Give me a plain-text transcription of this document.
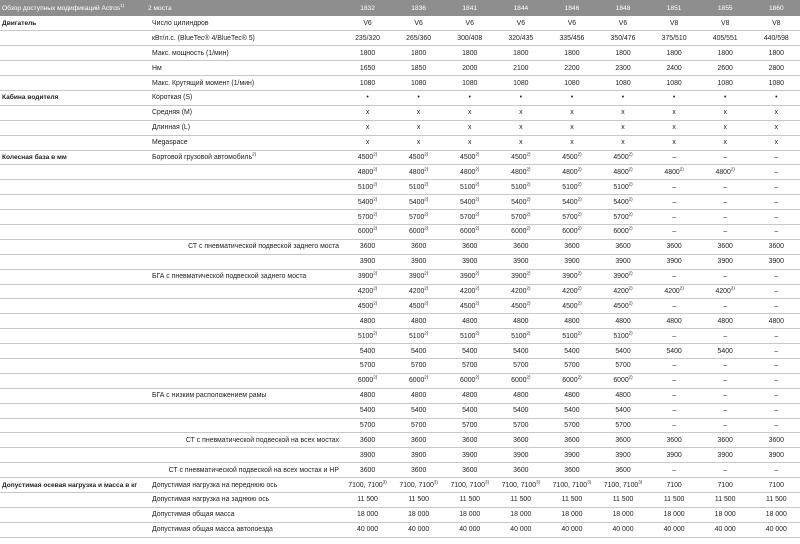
Обзор доступных модификаций Actros$^{1)}$	2 моста	1832	1836	1841	1844	1846	1848	1851	1855	1860
Двигатель	Число цилиндров	V6	V6	V6	V6	V6	V6	V8	V8	V8
	кВт/л.с. (BlueTec® 4/BlueTec® 5)	235/320	265/360	300/408	320/435	335/456	350/476	375/510	405/551	440/598
	Макс. мощность (1/мин)	1800	1800	1800	1800	1800	1800	1800	1800	1800
	Нм	1650	1850	2000	2100	2200	2300	2400	2600	2800
	Макс. Крутящий момент (1/мин)	1080	1080	1080	1080	1080	1080	1080	1080	1080
Кабина водителя	Короткая (S)	•	•	•	•	•	•	•	•	•
	Средняя (M)	x	x	x	x	x	x	x	x	x
	Длинная (L)	x	x	x	x	x	x	x	x	x
	Megaspace	x	x	x	x	x	x	x	x	x
Колесная база в мм	Бортовой грузовой автомобиль$^{2)}$	4500$^{2)}$	4500$^{2)}$	4500$^{2)}$	4500$^{2)}$	4500$^{2)}$	4500$^{2)}$	–	–	–
		4800$^{2)}$	4800$^{2)}$	4800$^{2)}$	4800$^{2)}$	4800$^{2)}$	4800$^{2)}$	4800$^{2)}$	4800$^{2)}$	–
		5100$^{2)}$	5100$^{2)}$	5100$^{2)}$	5100$^{2)}$	5100$^{2)}$	5100$^{2)}$	–	–	–
		5400$^{2)}$	5400$^{2)}$	5400$^{2)}$	5400$^{2)}$	5400$^{2)}$	5400$^{2)}$	–	–	–
		5700$^{2)}$	5700$^{2)}$	5700$^{2)}$	5700$^{2)}$	5700$^{2)}$	5700$^{2)}$	–	–	–
		6000$^{2)}$	6000$^{2)}$	6000$^{2)}$	6000$^{2)}$	6000$^{2)}$	6000$^{2)}$	–	–	–
	СТ с пневматической подвеской заднего моста	3600	3600	3600	3600	3600	3600	3600	3600	3600
		3900	3900	3900	3900	3900	3900	3900	3900	3900
	БГА с пневматической подвеской заднего моста	3900$^{2)}$	3900$^{2)}$	3900$^{2)}$	3900$^{2)}$	3900$^{2)}$	3900$^{2)}$	–	–	–
		4200$^{2)}$	4200$^{2)}$	4200$^{2)}$	4200$^{2)}$	4200$^{2)}$	4200$^{2)}$	4200$^{2)}$	4200$^{2)}$	–
		4500$^{2)}$	4500$^{2)}$	4500$^{2)}$	4500$^{2)}$	4500$^{2)}$	4500$^{2)}$	–	–	–
		4800	4800	4800	4800	4800	4800	4800	4800	4800
		5100$^{2)}$	5100$^{2)}$	5100$^{2)}$	5100$^{2)}$	5100$^{2)}$	5100$^{2)}$	–	–	–
		5400	5400	5400	5400	5400	5400	5400	5400	–
		5700	5700	5700	5700	5700	5700	–	–	–
		6000$^{2)}$	6000$^{2)}$	6000$^{2)}$	6000$^{2)}$	6000$^{2)}$	6000$^{2)}$	–	–	–
	БГА с низким расположением рамы	4800	4800	4800	4800	4800	4800	–	–	–
		5400	5400	5400	5400	5400	5400	–	–	–
		5700	5700	5700	5700	5700	5700	–	–	–
	СТ с пневматической подвеской на всех мостах	3600	3600	3600	3600	3600	3600	3600	3600	3600
		3900	3900	3900	3900	3900	3900	3900	3900	3900
	СТ с пневматической подвеской на всех мостах и НР	3600	3600	3600	3600	3600	3600	–	–	–
Допустимая осевая нагрузка и масса в кг	Допустимая нагрузка на переднюю ось	7100, 7100$^{3)}$	7100, 7100$^{3)}$	7100, 7100$^{3)}$	7100, 7100$^{3)}$	7100, 7100$^{3)}$	7100, 7100$^{3)}$	7100	7100	7100
	Допустимая нагрузка на заднюю ось	11 500	11 500	11 500	11 500	11 500	11 500	11 500	11 500	11 500
	Допустимая общая масса	18 000	18 000	18 000	18 000	18 000	18 000	18 000	18 000	18 000
	Допустимая общая масса автопоезда	40 000	40 000	40 000	40 000	40 000	40 000	40 000	40 000	40 000
